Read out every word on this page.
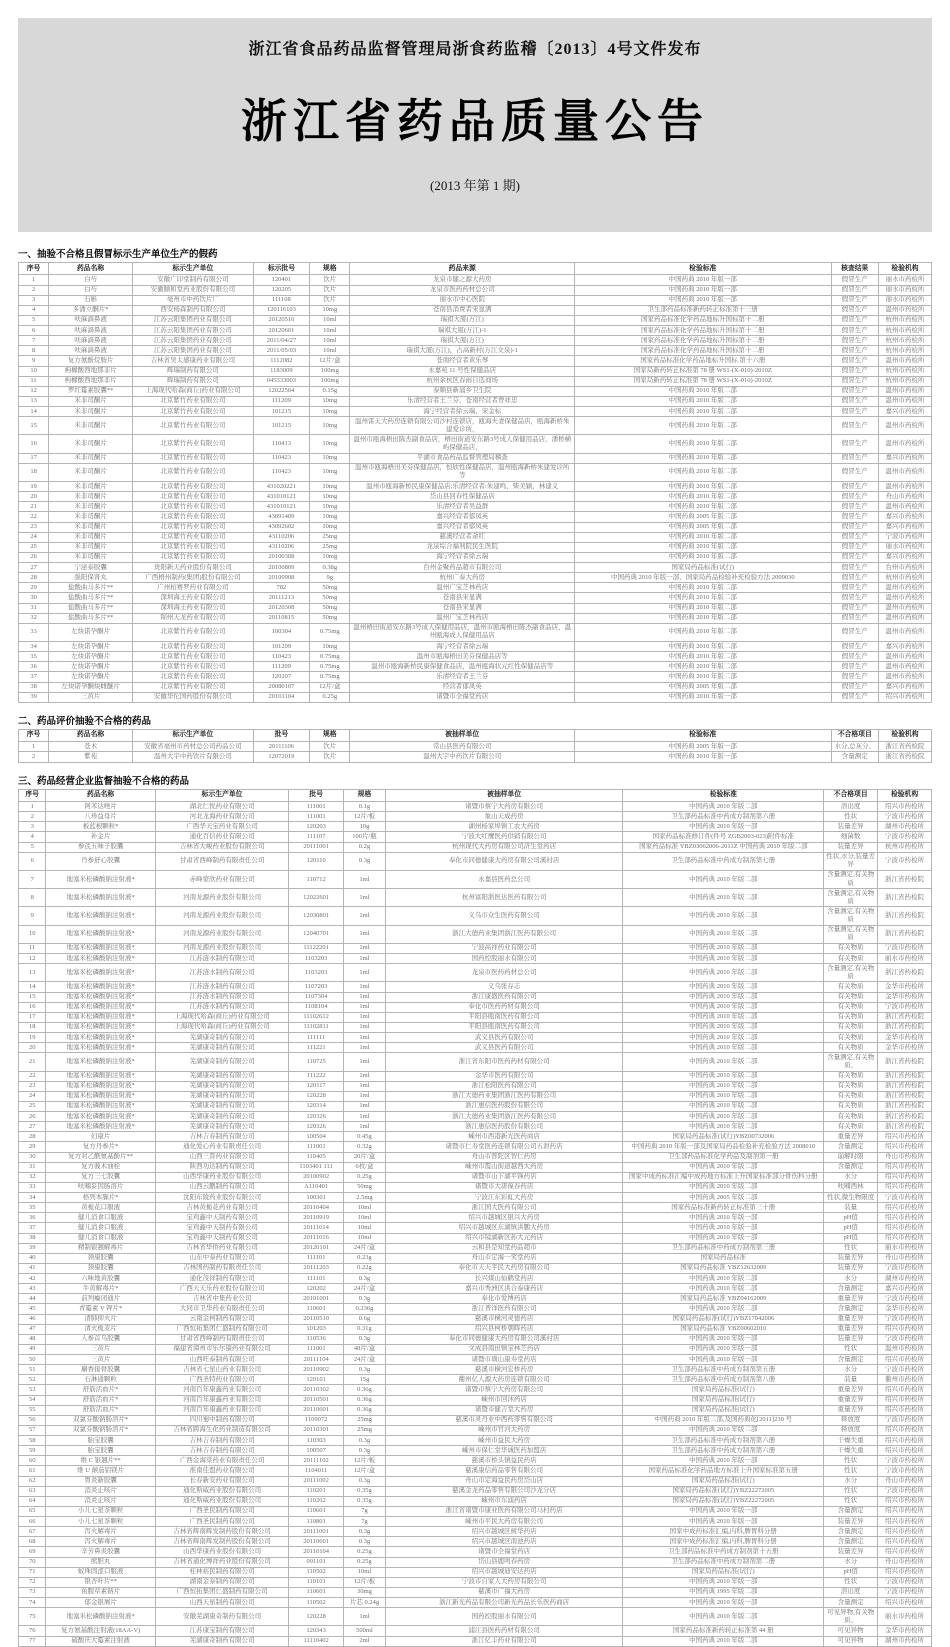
浙江省食品药品监督管理局浙食药监稽〔2013〕4号文件发布
浙江省药品质量公告
(2013 年第 1 期)
一、抽验不合格且假冒标示生产单位生产的假药
序号	药品名称	标示生产单位	标示批号	规格	药品来源	检验标准	核查结果	检验机构
1	白芍	安徽广印堂制药有限公司	120401	饮片	龙泉市健之源大药房	中国药典 2010 年版一部	假冒生产	丽水市药检所
2	白芍	安徽颐和堂药业股份有限公司	120205	饮片	龙泉市医药药材总公司	中国药典 2010 年版一部	假冒生产	丽水市药检所
3	石斛	亳州市中药饮片厂	111108	饮片	丽水市中心医院	中国药典 2010 年版一部	假冒生产	丽水市药检所
4	多潘立酮片*	西安杨森制药有限公司	120116103	10mg	苍南县消费者宋显满	卫生部药品标准新药转正标准第十三册	假冒生产	温州市药检所
5	呋麻滴鼻液	江苏云阳集团药业有限公司	20120510	10ml	瑞祺大厦(万江)	国家药品标准化学药品地标升国标第十二册	假冒生产	杭州市药检所
6	呋麻滴鼻液	江苏云阳集团药业有限公司	20120601	10ml	瑞祺大厦(万江)-1	国家药品标准化学药品地标升国标第十二册	假冒生产	杭州市药检所
7	呋麻滴鼻液	江苏云阳集团药业有限公司	2011/04/27	10ml	瑞祺大厦(万江)	国家药品标准化学药品地标升国标第十二册	假冒生产	杭州市药检所
8	呋麻滴鼻液	江苏云阳集团药业有限公司	2011/05/03	10ml	瑞祺大厦(万江)，占高新村(万江文泉)-1	国家药品标准化学药品地标升国标第十二册	假冒生产	杭州市药检所
9	复方氨酚烷胺片	吉林省吴太感康药业有限公司	1112082	12片/盒	苍南经营者黄乐琴	国家药品标准化学药品地标升国标 第十六册	假冒生产	温州市药检所
10	枸橼酸西地那非片	辉瑞制药有限公司	1183009	100mg	永嘉苑 11 号性保健品店	国家局新药转正标准第 78 册 WS1-(X-010)-2010Z	假冒生产	杭州市药检所
11	枸橼酸西地那非片	辉瑞制药有限公司	045333003	100mg	杭州余杭区春雨自选商场	国家局新药转正标准第 78 册 WS1-(X-010)-2010Z	假冒生产	杭州市药检所
12	罗红霉素胶囊**	上海现代哈森(商丘)药业有限公司	12022504	0.15g	泰顺县新浦乡卫生院	中国药典 2010 年版二部	假冒生产	温州市药检所
13	米非司酮片	北京紫竹药业有限公司	111209	10mg	乐清经营者王兰芬，苍南经营者曾祥忠	中国药典 2010 年版二部	假冒生产	温州市药检所
14	米非司酮片	北京紫竹药业有限公司	101215	10mg	海宁经营者徐云瑞、宋金标	中国药典 2010 年版二部	假冒生产	嘉兴市药检所
15	米非司酮片	北京紫竹药业有限公司	101215	10mg	温州雷天大药房连锁有限公司沙村连锁店，瓯海夫妻保健品店，瓯海新桥朱建爱诊所，	中国药典 2010 年版二部	假冒生产	温州市药检所
16	米非司酮片	北京紫竹药业有限公司	110413	10mg	温州市瓯海梧田陈杰副食品店，梧田街道安东路3号成人保健用品店，潘桥横屿保健品店，	中国药典 2010 年版二部	假冒生产	温州市药检所
17	米非司酮片	北京紫竹药业有限公司	110423	10mg	平湖市食品药品监督管理局稽查	中国药典 2010 年版二部	假冒生产	嘉兴市药检所
18	米非司酮片	北京紫竹药业有限公司	110423	10mg	温州市瓯海梧田美芬保健品店，恒欣性保健品店，温州瓯海新桥朱建爱诊所等	中国药典 2010 年版二部	假冒生产	温州市药检所
19	米非司酮片	北京紫竹药业有限公司	431020221	10mg	温州市瓯海新桥民康保健品店;乐清经营者:朱建鸣，柴美颖，林建义	中国药典 2010 年版二部	假冒生产	温州市药检所
20	米非司酮片	北京紫竹药业有限公司	431010121	10mg	岱山县回春性保健品店	中国药典 2010 年版二部	假冒生产	舟山市药检所
21	米非司酮片	北京紫竹药业有限公司	431010121	10mg	乐清经营者吴益群	中国药典 2010 年版二部	假冒生产	温州市药检所
22	米非司酮片	北京紫竹药业有限公司	43091409	10mg	嘉兴经营者郁凤英	中国药典 2005 年版二部	假冒生产	嘉兴市药检所
23	米非司酮片	北京紫竹药业有限公司	43092602	10mg	嘉兴经营者郁凤英	中国药典 2005 年版二部	假冒生产	嘉兴市药检所
24	米非司酮片	北京紫竹药业有限公司	43110206	25mg	慈溪经营者余红	中国药典 2010 年版二部	假冒生产	宁波市药检所
25	米非司酮片	北京紫竹药业有限公司	43110206	25mg	龙泉综合福利院民生医院	中国药典 2010 年版二部	假冒生产	丽水市药检所
26	米非司酮片	北京紫竹药业有限公司	20100308	10mg	海宁经营者徐云瑞	中国药典 2010 年版二部	假冒生产	嘉兴市药检所
27	宁泌泰胶囊	贵阳新天药业股份有限公司	20100809	0.38g	台州金聚药品超市有限公司	国家局药品标准(试行)	假冒生产	台州市药检所
28	强阳保肾丸	广西梧州制药(集团)股份有限公司	20100908	9g	杭州广泰大药房	中国药典 2010 年版一部、国家局药品检验补充检验方法 2009030	假冒生产	杭州市药检所
29	盐酸曲马多片**	广州柏赛罗药业有限公司	782	50mg	温州广宝芝林药店	中国药典 2010 年版二部	假冒生产	温州市药检所
30	盐酸曲马多片**	深圳海王药业有限公司	20111213	50mg	苍南县宋显满	中国药典 2010 年版二部	假冒生产	温州市药检所
31	盐酸曲马多片**	深圳海王药业有限公司	20120308	50mg	苍南县宋显满	中国药典 2010 年版二部	假冒生产	温州市药检所
32	盐酸曲马多片**	锦州天龙药业有限公司	20110815	50mg	温州广宝芝林药店	中国药典 2010 年版二部	假冒生产	温州市药检所
33	左炔诺孕酮片	北京紫竹药业有限公司	100304	0.75mg	温州梧田街道安东路3号成人保健用品店，温州市瓯海梧田陈杰副食品店，温州瓯海成人保健用品店	中国药典 2010 年版二部	假冒生产	温州市药检所
34	左炔诺孕酮片	北京紫竹药业有限公司	101209	10mg	海宁经营者徐云瑞	中国药典 2010 年版二部	假冒生产	嘉兴市药检所
35	左炔诺孕酮片	北京紫竹药业有限公司	110423	0.75mg	温州市瓯海梧田美芬保健品店等	中国药典 2010 年版二部	假冒生产	温州市药检所
36	左炔诺孕酮片	北京紫竹药业有限公司	111209	0.75mg	温州市瓯海新桥民康保健食品店，温州瓯海状元红性保健品店等	中国药典 2010 年版二部	假冒生产	温州市药检所
37	左炔诺孕酮片	北京紫竹药业有限公司	120207	0.75mg	乐清经营者王兰芬	中国药典 2010 年版二部	假冒生产	温州市药检所
38	左炔诺孕酮炔雌醚片	北京紫竹药业有限公司	20080107	12片/盒	经营者郁凤英	中国药典 2005 年版二部	假冒生产	嘉兴市药检所
39	三黄片	安徽华佗国药股份有限公司	20101104	0.25g	诸暨市全福堂药店	中国药典 2010 年版一部	假冒生产	绍兴市药检所
二、药品评价抽验不合格的药品
序号	药品名称	标示生产单位	批号	规格	被抽样单位	检验标准	不合格项目	检验机构
1	苍术	安徽省亳州市药材总公司药品公司	20111106	饮片	常山县医药有限公司	中国药典 2005 年版一部	水分,总灰分、	浙江省药检院
2	紫苑	温州大宇中药饮片有限公司	12072019	饮片	温州大宇中药饮片有限公司	中国药典 2010 年版一部	含量测定	浙江省药检院
三、药品经营企业监督抽验不合格的药品
序号	药品名称	标示生产单位	批号	规格	被抽样单位	检验标准	不合格项目	检验机构
1	阿苯达唑片	湖北仁悦药业有限公司	111001	0.1g	诸暨市蔡宁大药房有限公司	中国药典 2010 年版二部	溶出度	绍兴市药检所
2	八珍益母片	河北龙海药业有限公司	111001	12片/板	象山天成药房	卫生部药品标准中药成方制剂第六册	性状	宁波市药检所
3	板蓝根颗粒*	广西华天宝药业有限公司	120203	10g	湖州杨家埠镇工农大药房	中国药典 2010 年版一部	装量差异	湖州市药检所
4	补金片	通化百信药业有限公司	111107	100片/瓶	宁波大红鹰医药供销有限公司	国家药品标准修订件(件号 ZGB2003-023)附件标准	细菌数	宁波市药检所
5	参芪五味子胶囊	吉林省大峻药业股份有限公司	20111001	0.2g	杭州现代大药房有限公司济生堂药店	国家药品标准 YBZ03062006-2011Z 中国药典 2010 年版二部	装量差异	杭州市药检所
6	丹参舒心胶囊	甘肃省西峰制药有限责任公司	120110	0.3g	奉化市同德健康大药房有限公司溪村店	卫生部药品标准中药成方制剂第七册	性状,水分,装量差异	宁波市药检所
7	地塞米松磷酸钠注射液*	赤峰蒙欣药业有限公司	110712	1ml	永嘉县医药总公司	中国药典 2010 年版二部	含量测定,有关物质	浙江省药检院
8	地塞米松磷酸钠注射液*	河南龙源药业股份有限公司	12022601	1ml	杭州富阳浙医达医药有限公司	中国药典 2010 年版二部	含量测定,有关物质	浙江省药检院
9	地塞米松磷酸钠注射液*	河南龙源药业股份有限公司	12030801	1ml	义乌市众生医药有限公司	中国药典 2010 年版二部	含量测定,有关物质	浙江省药检院
10	地塞米松磷酸钠注射液*	河南龙源药业股份有限公司	12040701	1ml	浙江大德药业集团浙江医药有限公司	中国药典 2010 年版二部	含量测定,有关物质	浙江省药检院
11	地塞米松磷酸钠注射液*	河南龙源药业股份有限公司	11122201	1ml	宁波高祥药业有限公司	中国药典 2010 年版二部	有关物质	宁波市药检所
12	地塞米松磷酸钠注射液*	江苏涟水制药有限公司	1103203	1ml	国药控股丽水有限公司	中国药典 2010 年版二部	有关物质	丽水市药检所
13	地塞米松磷酸钠注射液*	江苏涟水制药有限公司	1103203	1ml	龙泉市医药药材总公司	中国药典 2010 年版二部	含量测定,有关物质	浙江省药检院
14	地塞米松磷酸钠注射液*	江苏涟水制药有限公司	1107203	1ml	义乌张存志	中国药典 2010 年版二部	有关物质	金华市药检所
15	地塞米松磷酸钠注射液*	江苏涟水制药有限公司	1107304	1ml	浙江康盛医药有限公司	中国药典 2010 年版二部	有关物质	金华市药检所
16	地塞米松磷酸钠注射液*	江苏涟水制药有限公司	1108104	1ml	奉化市医药药材有限公司	中国药典 2010 年版二部	有关物质	宁波市药检所
17	地塞米松磷酸钠注射液*	上海现代哈森(商丘)药业有限公司	11102612	1ml	平阳县瓯南医药有限公司	中国药典 2010 年版二部	有关物质	浙江省药检院
18	地塞米松磷酸钠注射液*	上海现代哈森(商丘)药业有限公司	11102811	1ml	平阳县瓯南医药有限公司	中国药典 2010 年版二部	有关物质	浙江省药检院
19	地塞米松磷酸钠注射液*	芜湖康奇制药有限公司	111111	1ml	武义县医药有限公司	中国药典 2010 年版二部	有关物质	金华市药检所
20	地塞米松磷酸钠注射液*	芜湖康奇制药有限公司	111221	1ml	武义县医药有限公司	中国药典 2010 年版二部	有关物质	金华市药检所
21	地塞米松磷酸钠注射液*	芜湖康奇制药有限公司	110725	1ml	浙江省东阳市医药药材有限公司	中国药典 2010 年版二部	含量测定,有关物质、	浙江省药检院
22	地塞米松磷酸钠注射液*	芜湖康奇制药有限公司	111222	1ml	金华市医药有限公司	中国药典 2010 年版二部	有关物质	浙江省药检院
23	地塞米松磷酸钠注射液*	芜湖康奇制药有限公司	120117	1ml	浙江松阳医药有限公司	中国药典 2010 年版二部	有关物质	浙江省药检院
24	地塞米松磷酸钠注射液*	芜湖康奇制药有限公司	120228	1ml	浙江大德药业集团浙江医药有限公司	中国药典 2010 年版二部	有关物质	浙江省药检院
25	地塞米松磷酸钠注射液*	芜湖康奇制药有限公司	120314	1ml	浙江惠信医药股份有限公司	中国药典 2010 年版二部	有关物质	浙江省药检院
26	地塞米松磷酸钠注射液*	芜湖康奇制药有限公司	120326	1ml	浙江大德药业集团浙江医药有限公司	中国药典 2010 年版二部	有关物质	浙江省药检院
27	地塞米松磷酸钠注射液*	芜湖康奇制药有限公司	120326	1ml	浙江惠信医药股份有限公司	中国药典 2010 年版二部	有关物质	浙江省药检院
28	妇康片	吉林吉春制药有限公司	100504	0.45g	嵊州市西港新光医药商店	国家局药品标准(试行)YBZ00732006	重量差异	绍兴市药检所
29	复方丹参片*	通化爱心药业有限责任公司	111001	0.32g	诸暨市仁寿堂医药连锁有限公司五泄药店	中国药典 2010 年版一部及国家局药品检验补充检验方法 2008010	含量测定	绍兴市药检所
30	复方对乙酰氨基酚片**	山西三晋药业有限公司	110405	20片/盒	舟山市普陀区智仁药房	卫生部药品标准化学药品及制剂第一册	崩解时限	舟山市药检所
31	复方莪术油栓	陕西功达制药有限公司	1103401 111	6枚/盒	嵊州市霞山街道越西大药房	中国药典 2010 年版二部	含量测定	绍兴市药检所
32	复方三七胶囊	山西华康药业股份有限公司	20100902	0.25g	诸暨市山下湖平锋药店	国家中成药标准汇编中成药地方标准上升国家标准部分骨伤科分册	水分	绍兴市药检所
33	呋喃妥因肠溶片	山西云鹏制药有限公司	A110401	50mg	诸暨市大唐葆春药店	中国药典 2010 年版二部	呋喃西林	绍兴市药检所
34	格列本脲片*	沈阳东陵药业股份有限公司	100301	2.5mg	宁波江东彩虹大药房	中国药典 2005 年版二部	性状,微生物限度	宁波市药检所
35	黄栀花口服液	吉林黄栀花药业有限公司	20110404	10ml	浙江国大医药有限公司	国家药品标准新药转正标准第三十册	装量	绍兴市药检所
36	健儿消食口服液	宝鸡鑫中天制药有限公司	20110919	10ml	绍兴市越城区银兴大药房	中国药典 2010 年版一部	pH值	绍兴市药检所
37	健儿消食口服液	宝鸡鑫中天制药有限公司	20111014	10ml	绍兴市越城区东湖镇洪鹏大药房	中国药典 2010 年版一部	pH值	绍兴市药检所
38	健儿消食口服液	宝鸡鑫中天制药有限公司	20111016	10ml	绍兴市镜湖新区孙大元药店	中国药典 2010 年版一部	pH值	绍兴市药检所
39	精制银翘解毒片	吉林省华侨药业有限公司	20120101	24片/盒	云和县是知堂药品超市	卫生部药品标准中药成方制剂第三册	性状	丽水市药检所
40	颈康胶囊	山东中泰药业有限公司	111101	0.23g	舟山市定海一笑堂药店	国家局药品标准	装量差异	舟山市药检所
41	颈康胶囊	吉林国药制药有限责任公司	20111203	0.22g	奉化市天天平民大药房有限公司	国家局药品标准 YBZ12632009	装量差异	宁波市药检所
42	六味地黄胶囊	通化茂祥制药有限公司	111101	0.3g	长兴煤山仙鹤堂药店	中国药典 2010 年版二部	水分	湖州市药检所
43	牛黄解毒片*	广西天天乐药业股份有限公司	120202	24片/盒	嘉兴市秀洲区洪合泰康药店	中国药典 2010 年版二部	含量测定	嘉兴市药检所
44	前列癃闭通片	吉林省中集药业公司	20101001	0.3g	奉化市爱博药店	国家局药品标准 YBZ04162009	重量差异	宁波市药检所
45	青霉素 V 钾片*	大同市卫华药业有限责任公司	110601	0.236g	浙江普洋医药有限公司	中国药典 2010 年版二部	含量测定	金华市药检所
46	清肺抑火片	云南金柯制药有限公司	20110510	0.6g	慈溪市横河灵德药店	国家局药品标准(试行)YBZ17042006	重量差异	宁波市药检所
47	清火栀麦片	广西恒拓集团仁盛制药有限公司	101203	0.31g	绍兴县柯桥朝晖药店	国家局药品标准 YBZ00602010	重量差异	绍兴市药检所
48	人参首乌胶囊	甘肃省西峰制药有限责任公司	110536	0.3g	奉化市同德健康大药房有限公司溪村店	中国药典 2010 年版一部	装量差异	宁波市药检所
49	三黄片	福建省漳州市乐尔康药业有限公司	111001	48片/盒	文成县南田镇宝林芝药店	中国药典 2010 年版一部	性状	温州市药检所
50	三黄片	山西旺泰制药有限公司	20111104	24片/盒	诸暨市璜山康寿堂药店	中国药典 2010 年版一部	含量测定	绍兴市药检所
51	麝香接骨胶囊	吉林省七星山药业有限公司	20110902	0.3g	慈溪市横河宏桥药房	卫生部药品标准中药成方制剂第五册	水分	宁波市药检所
52	石淋通颗粒	广西圣特药业有限公司	120101	15g	衢州亿人源大药房连锁有限公司	卫生部药品标准中药成方制剂第八册	装量	衢州市药检所
53	舒筋活血片*	河南百年康鑫药业有限公司	20110302	0.36g	诸暨市蔡宁大药房有限公司	国家局药品标准(试行)	重量差异	绍兴市药检所
54	舒筋活血片*	河南百年康鑫药业有限公司	20110501	0.36g	嵊州市回沐药店	国家局药品标准(试行)	重量差异	绍兴市药检所
55	舒筋活血片*	河南百年康鑫药业有限公司	20110601	0.36g	诸暨市健吉堂大药房	国家局药品标准(试行)	重量差异	绍兴市药检所
56	双氯芬酸钠肠溶片*	四川蜀中制药有限公司	1109072	25mg	慈溪市灵丹业中西药零售有限公司	中国药典 2010 年版二部,及国药典化[2011]230 号	释放度	宁波市药检所
57	双氯芬酸钠肠溶片*	吉林省跨海生化药业制造有限公司	20110301	25mg	嵊州市官河大药房	中国药典 2010 年版二部	释放度	绍兴市药检所
58	胎宝胶囊	吉林吉春制药有限公司	110303	0.3g	嵊州市益民大药房	卫生部药品标准中药成方制剂第六册	干燥失重	绍兴市药检所
59	胎宝胶囊	吉林吉春制药有限公司	100507	0.3g	嵊州市保仁堂华诚医药加盟店	卫生部药品标准中药成方制剂第六册	干燥失重	绍兴市药检所
60	维 C 银翘片**	广西金海棠药业有限责任公司	20111102	12片/板	慈溪市桥头镇益民药店	中国药典 2010 年版一部	性状	宁波市药检所
61	维 U 颠茄铝镁片	淮南佳盟药业有限公司	1104011	12片/盒	慈溪康信药品零售有限公司	国家药品标准化学药品地方标准上升国家标准第五册	性状	宁波市药检所
62	胃炎新胶囊	长春新安药业有限公司	20111002	0.3g	舟山市定海益民药房岱山店	国家局药品标准(试行)	水分	舟山市药检所
63	消炎止咳片	通化斯威药业股份有限公司	110201	0.35g	慈溪金龙药品零售有限公司沙龙分店	国家局药品标准(试行)YBZ22272005	性状	宁波市药检所
64	消炎止咳片	通化斯威药业股份有限公司	110202	0.35g	嵊州市东浦药店	国家局药品标准(试行)YBZ22272005	性状	绍兴市药检所
65	小儿七星茶颗粒	广西圣民制药有限公司	110601	7g	浙江省诸暨市康业医药有限公司马村药店	中国药典 2010 年版一部	含量测定	绍兴市药检所
66	小儿七星茶颗粒	广西圣民制药有限公司	110801	7g	嵊州市平民大药房有限公司	中国药典 2010 年版一部	装量差异	绍兴市药检所
67	泻火解毒片	吉林省辉南辉发制药股份有限公司	20111001	0.3g	绍兴市越城区树华药店	国家中成药标准汇编,内科,脾胃科分册	含量测定	绍兴市药检所
68	泻火解毒片	吉林省辉南辉发制药股份有限公司	20110601	0.3g	绍兴市越城区南池药店	国家中成药标准汇编,内科,脾胃科分册	含量测定	绍兴市药检所
69	辛芳鼻炎胶囊	山西华康药业股份有限公司	20110104	0.25g	诸暨市全福堂药店	卫生部药品标准中药成方制剂第十五册	装量差异	绍兴市药检所
70	熊胆丸	吉林省通化博祥药业股份有限公司	091101	0.25g	岱山县鹿鸣春药房	卫生部药品标准中药成方制剂第二册	水分	舟山市药检所
71	蚁珠固涩口服液	桂林裕民制药有限公司	110502	10ml	绍兴市越城迪安达药店	国家局药品标准(试行)	pH值	绍兴市药检所
72	银杏叶片**	湖南金泰制药有限公司	110101	12片/板	宁波市自家人大药房有限公司	中国药典 2010 年版一部	性状	宁波市药检所
73	鱼腥草素钠片	广西恒拓集团仁盛制药有限公司	110601	30mg	慈溪市广福大药房	中国药典 1995 年版二部	溶出度	宁波市药检所
74	郁金银屑片	山西天星制药有限公司	110502	片芯 0.24g	浙江新光药品有限公司新光药品长乐医药商店	中国药典 2010 年版一部	含量测定	绍兴市药检所
75	地塞米松磷酸钠注射液*	安徽芜湖康奇制药有限公司	120228	1ml	国药控股丽水有限公司	中国药典 2010 年版二部	可见异物,有关物质、	丽水市药检所
76	复方氨基酸注射液(18AA-V)	江苏康宝制药有限公司	120343	500ml	浦江县医药药材有限公司	国家药品标准新药转正标准第 44 册	可见异物	金华市药检所
77	硫酸庆大霉素注射液	芜湖康奇制药有限公司	11110402	2ml	浙江亿丰药业有限公司	中国药典 2010 年版二部	可见异物	湖州市药检所
